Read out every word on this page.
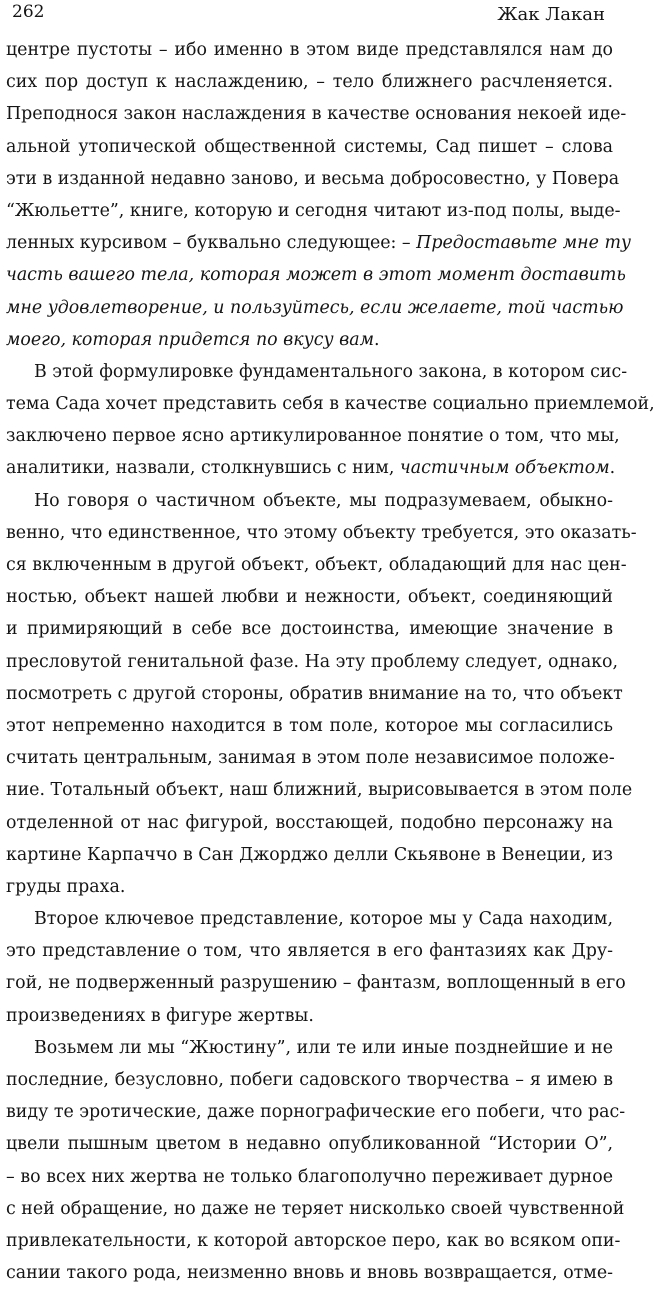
262	Жак Лакан
центре пустоты – ибо именно в этом виде представлялся нам до
сих пор доступ к наслаждению, – тело ближнего расчленяется.
Преподнося закон наслаждения в качестве основания некоей иде-
альной утопической общественной системы, Сад пишет – слова
эти в изданной недавно заново, и весьма добросовестно, у Повера
“Жюльетте”, книге, которую и сегодня читают из-под полы, выде-
ленных курсивом – буквально следующее: – Предоставьте мне ту
часть вашего тела, которая может в этот момент доставить
мне удовлетворение, и пользуйтесь, если желаете, той частью
моего, которая придется по вкусу вам.
В этой формулировке фундаментального закона, в котором сис-
тема Сада хочет представить себя в качестве социально приемлемой,
заключено первое ясно артикулированное понятие о том, что мы,
аналитики, назвали, столкнувшись с ним, частичным объектом.
Но говоря о частичном объекте, мы подразумеваем, обыкно-
венно, что единственное, что этому объекту требуется, это оказать-
ся включенным в другой объект, объект, обладающий для нас цен-
ностью, объект нашей любви и нежности, объект, соединяющий
и примиряющий в себе все достоинства, имеющие значение в
пресловутой генитальной фазе. На эту проблему следует, однако,
посмотреть с другой стороны, обратив внимание на то, что объект
этот непременно находится в том поле, которое мы согласились
считать центральным, занимая в этом поле независимое положе-
ние. Тотальный объект, наш ближний, вырисовывается в этом поле
отделенной от нас фигурой, восстающей, подобно персонажу на
картине Карпаччо в Сан Джорджо делли Скьявоне в Венеции, из
груды праха.
Второе ключевое представление, которое мы у Сада находим,
это представление о том, что является в его фантазиях как Дру-
гой, не подверженный разрушению – фантазм, воплощенный в его
произведениях в фигуре жертвы.
Возьмем ли мы “Жюстину”, или те или иные позднейшие и не
последние, безусловно, побеги садовского творчества – я имею в
виду те эротические, даже порнографические его побеги, что рас-
цвели пышным цветом в недавно опубликованной “Истории О”,
– во всех них жертва не только благополучно переживает дурное
с ней обращение, но даже не теряет нисколько своей чувственной
привлекательности, к которой авторское перо, как во всяком опи-
сании такого рода, неизменно вновь и вновь возвращается, отме-
